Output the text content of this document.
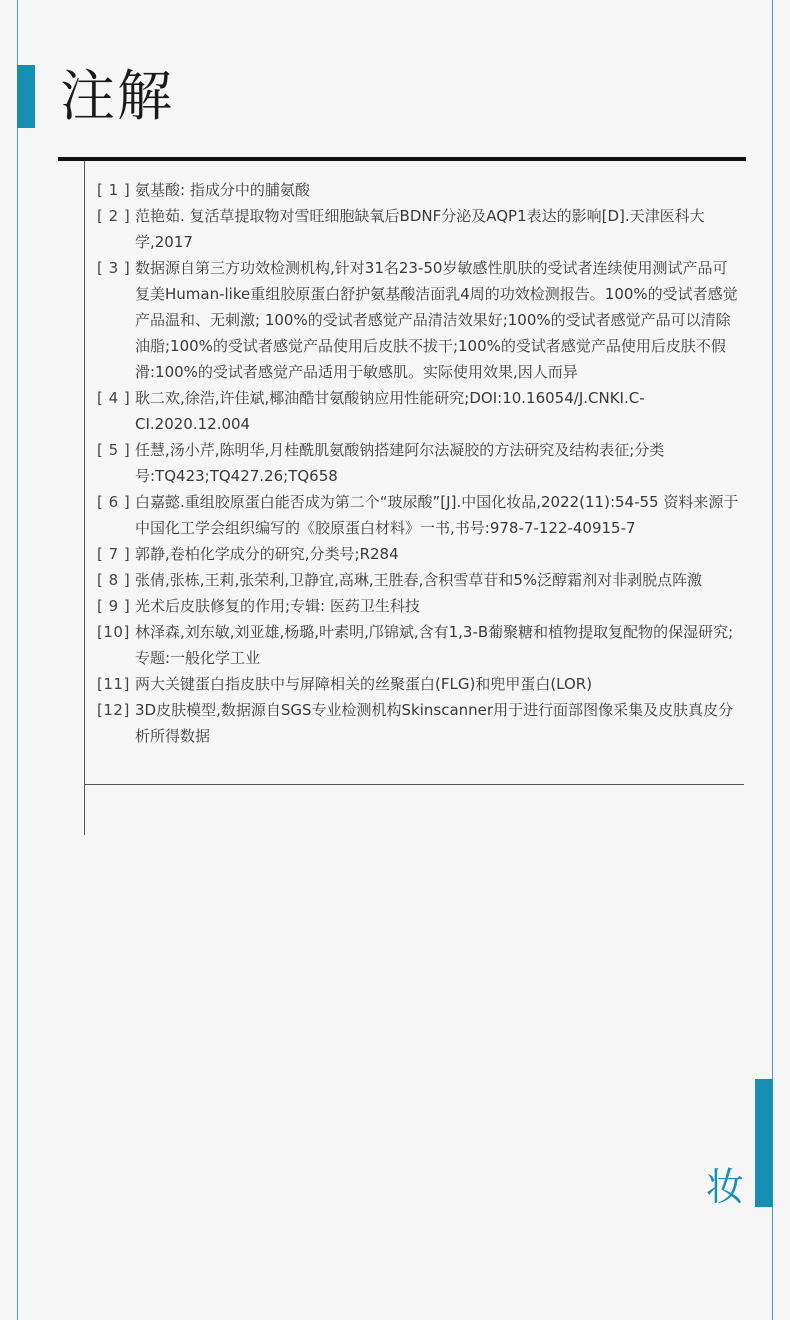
注解
[ 1 ] 氨基酸: 指成分中的脯氨酸
[ 2 ] 范艳茹. 复活草提取物对雪旺细胞缺氧后BDNF分泌及AQP1表达的影响[D].天津医科大学,2017
[ 3 ] 数据源自第三方功效检测机构,针对31名23-50岁敏感性肌肤的受试者连续使用测试产品可复美Human-like重组胶原蛋白舒护氨基酸洁面乳4周的功效检测报告。100%的受试者感觉产品温和、无刺激; 100%的受试者感觉产品清洁效果好;100%的受试者感觉产品可以清除油脂;100%的受试者感觉产品使用后皮肤不拔干;100%的受试者感觉产品使用后皮肤不假滑:100%的受试者感觉产品适用于敏感肌。实际使用效果,因人而异
[ 4 ] 耿二欢,徐浩,许佳斌,椰油酷甘氨酸钠应用性能研究;DOI:10.16054/J.CNKI.C-CI.2020.12.004
[ 5 ] 任慧,汤小芹,陈明华,月桂酰肌氨酸钠搭建阿尔法凝胶的方法研究及结构表征;分类号:TQ423;TQ427.26;TQ658
[ 6 ] 白嘉懿.重组胶原蛋白能否成为第二个“玻尿酸”[J].中国化妆品,2022(11):54-55 资料来源于中国化工学会组织编写的《胶原蛋白材料》一书,书号:978-7-122-40915-7
[ 7 ] 郭静,卷柏化学成分的研究,分类号;R284
[ 8 ] 张倩,张栋,王莉,张荣利,卫静宜,高琳,王胜春,含积雪草苷和5%泛醇霜剂对非剥脱点阵激
[ 9 ] 光术后皮肤修复的作用;专辑: 医药卫生科技
[10] 林泽森,刘东敏,刘亚雄,杨璐,叶素明,邝锦斌,含有1,3-B葡聚糖和植物提取复配物的保湿研究;专题:一般化学工业
[11] 两大关键蛋白指皮肤中与屏障相关的丝聚蛋白(FLG)和兜甲蛋白(LOR)
[12] 3D皮肤模型,数据源自SGS专业检测机构Skinscanner用于进行面部图像采集及皮肤真皮分析所得数据
妆
